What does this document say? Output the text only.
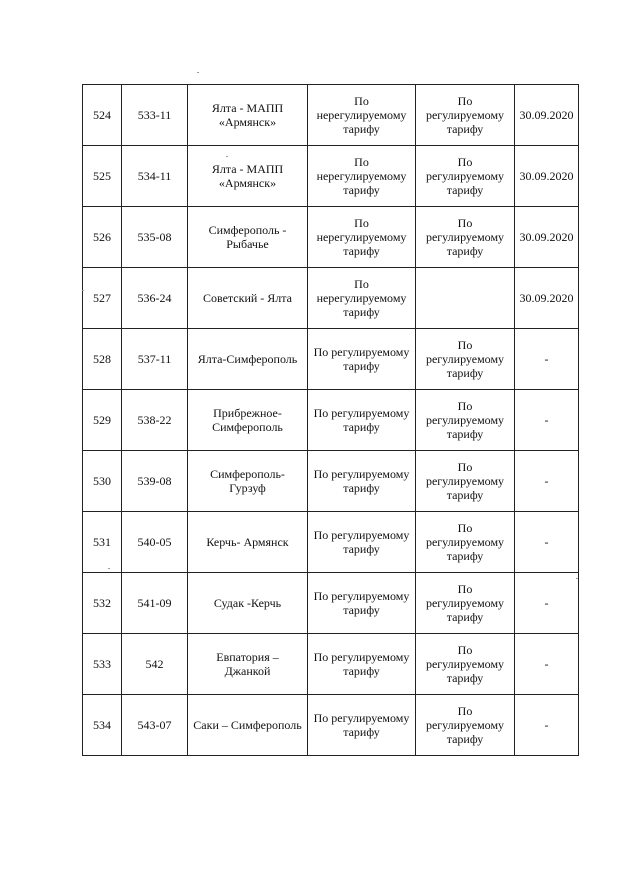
524	533-11	Ялта - МАПП
«Армянск»	По
нерегулируемому
тарифу	По
регулируемому
тарифу	30.09.2020
525	534-11	Ялта - МАПП
«Армянск»	По
нерегулируемому
тарифу	По
регулируемому
тарифу	30.09.2020
526	535-08	Симферополь -
Рыбачье	По
нерегулируемому
тарифу	По
регулируемому
тарифу	30.09.2020
527	536-24	Советский - Ялта	По
нерегулируемому
тарифу		30.09.2020
528	537-11	Ялта-Симферополь	По регулируемому
тарифу	По
регулируемому
тарифу	-
529	538-22	Прибрежное-
Симферополь	По регулируемому
тарифу	По
регулируемому
тарифу	-
530	539-08	Симферополь-
Гурзуф	По регулируемому
тарифу	По
регулируемому
тарифу	-
531	540-05	Керчь- Армянск	По регулируемому
тарифу	По
регулируемому
тарифу	-
532	541-09	Судак -Керчь	По регулируемому
тарифу	По
регулируемому
тарифу	-
533	542	Евпатория –
Джанкой	По регулируемому
тарифу	По
регулируемому
тарифу	-
534	543-07	Саки – Симферополь	По регулируемому
тарифу	По
регулируемому
тарифу	-
